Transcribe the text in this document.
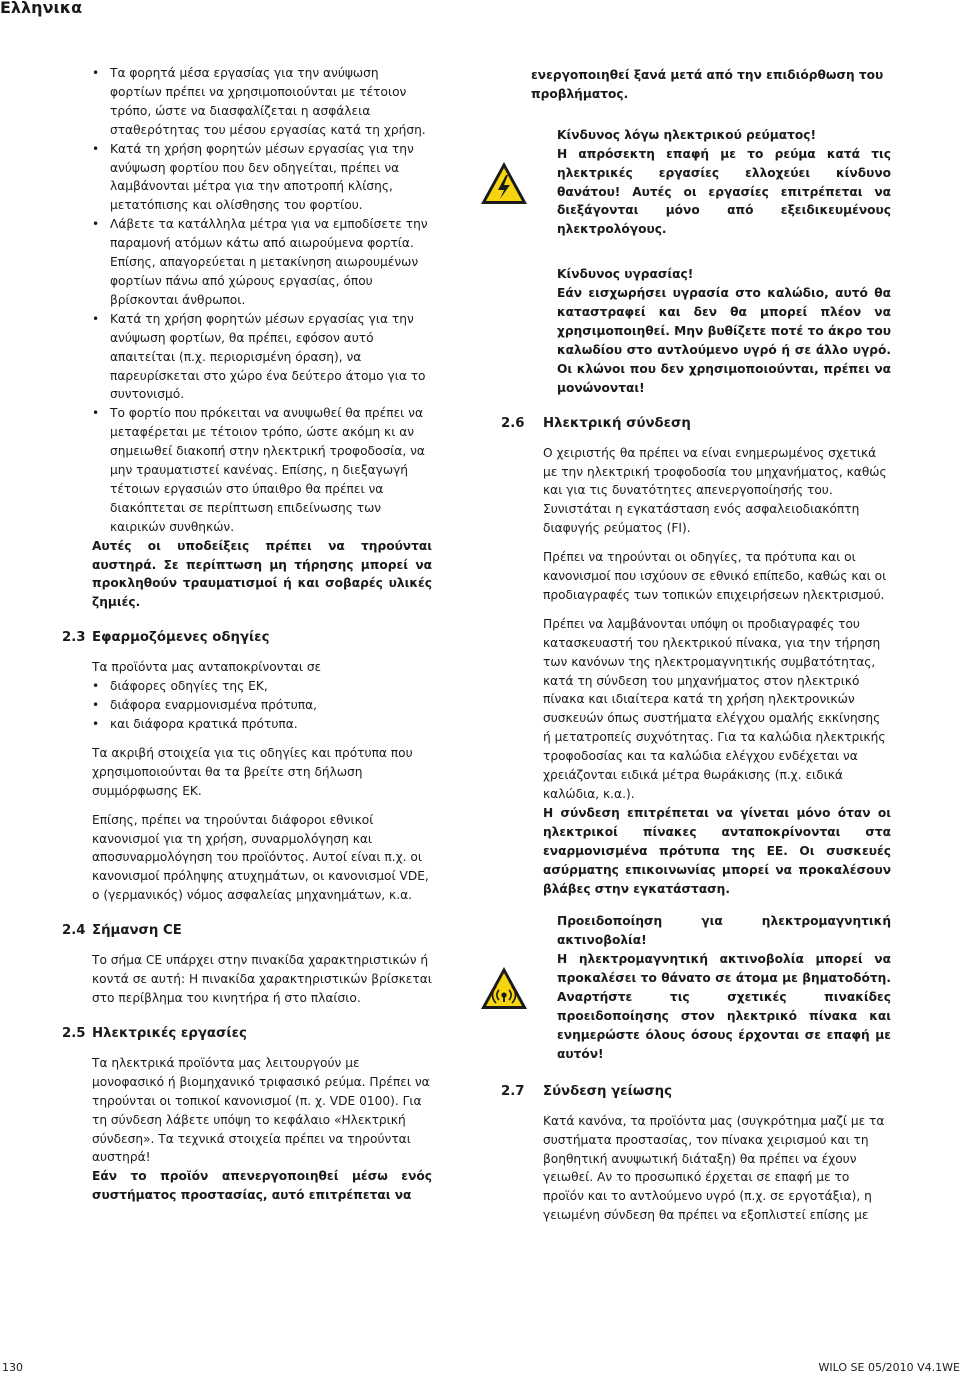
Ελληνικα
• Τα φορητά μέσα εργασίας για την ανύψωση φορτίων πρέπει να χρησιμοποιούνται με τέτοιον τρόπο, ώστε να διασφαλίζεται η ασφάλεια σταθερότητας του μέσου εργασίας κατά τη χρήση.
• Κατά τη χρήση φορητών μέσων εργασίας για την ανύψωση φορτίου που δεν οδηγείται, πρέπει να λαμβάνονται μέτρα για την αποτροπή κλίσης, μετατόπισης και ολίσθησης του φορτίου.
• Λάβετε τα κατάλληλα μέτρα για να εμποδίσετε την παραμονή ατόμων κάτω από αιωρούμενα φορτία. Επίσης, απαγορεύεται η μετακίνηση αιωρουμένων φορτίων πάνω από χώρους εργασίας, όπου βρίσκονται άνθρωποι.
• Κατά τη χρήση φορητών μέσων εργασίας για την ανύψωση φορτίων, θα πρέπει, εφόσον αυτό απαιτείται (π.χ. περιορισμένη όραση), να παρευρίσκεται στο χώρο ένα δεύτερο άτομο για το συντονισμό.
• Το φορτίο που πρόκειται να ανυψωθεί θα πρέπει να μεταφέρεται με τέτοιον τρόπο, ώστε ακόμη κι αν σημειωθεί διακοπή στην ηλεκτρική τροφοδοσία, να μην τραυματιστεί κανένας. Επίσης, η διεξαγωγή τέτοιων εργασιών στο ύπαιθρο θα πρέπει να διακόπτεται σε περίπτωση επιδείνωσης των καιρικών συνθηκών.

Αυτές οι υποδείξεις πρέπει να τηρούνται αυστηρά. Σε περίπτωση μη τήρησης μπορεί να προκληθούν τραυματισμοί ή και σοβαρές υλικές ζημιές.

2.3 Εφαρμοζόμενες οδηγίες

Τα προϊόντα μας ανταποκρίνονται σε

• διάφορες οδηγίες της ΕΚ,
• διάφορα εναρμονισμένα πρότυπα,
• και διάφορα κρατικά πρότυπα.

Τα ακριβή στοιχεία για τις οδηγίες και πρότυπα που χρησιμοποιούνται θα τα βρείτε στη δήλωση συμμόρφωσης ΕΚ.

Επίσης, πρέπει να τηρούνται διάφοροι εθνικοί κανονισμοί για τη χρήση, συναρμολόγηση και αποσυναρμολόγηση του προϊόντος. Αυτοί είναι π.χ. οι κανονισμοί πρόληψης ατυχημάτων, οι κανονισμοί VDE, ο (γερμανικός) νόμος ασφαλείας μηχανημάτων, κ.α.

2.4 Σήμανση CE

Το σήμα CE υπάρχει στην πινακίδα χαρακτηριστικών ή κοντά σε αυτή: Η πινακίδα χαρακτηριστικών βρίσκεται στο περίβλημα του κινητήρα ή στο πλαίσιο.

2.5 Ηλεκτρικές εργασίες

Τα ηλεκτρικά προϊόντα μας λειτουργούν με μονοφασικό ή βιομηχανικό τριφασικό ρεύμα. Πρέπει να τηρούνται οι τοπικοί κανονισμοί (π. χ. VDE 0100). Για τη σύνδεση λάβετε υπόψη το κεφάλαιο «Ηλεκτρική σύνδεση». Τα τεχνικά στοιχεία πρέπει να τηρούνται αυστηρά!

Εάν το προϊόν απενεργοποιηθεί μέσω ενός συστήματος προστασίας, αυτό επιτρέπεται να

ενεργοποιηθεί ξανά μετά από την επιδιόρθωση του προβλήματος.

Κίνδυνος λόγω ηλεκτρικού ρεύματος!

Η απρόσεκτη επαφή με το ρεύμα κατά τις ηλεκτρικές εργασίες ελλοχεύει κίνδυνο θανάτου! Αυτές οι εργασίες επιτρέπεται να διεξάγονται μόνο από εξειδικευμένους ηλεκτρολόγους.

Κίνδυνος υγρασίας!

Εάν εισχωρήσει υγρασία στο καλώδιο, αυτό θα καταστραφεί και δεν θα μπορεί πλέον να χρησιμοποιηθεί. Μην βυθίζετε ποτέ το άκρο του καλωδίου στο αντλούμενο υγρό ή σε άλλο υγρό. Οι κλώνοι που δεν χρησιμοποιούνται, πρέπει να μονώνονται!

2.6 Ηλεκτρική σύνδεση

Ο χειριστής θα πρέπει να είναι ενημερωμένος σχετικά με την ηλεκτρική τροφοδοσία του μηχανήματος, καθώς και για τις δυνατότητες απενεργοποίησής του. Συνιστάται η εγκατάσταση ενός ασφαλειοδιακόπτη διαφυγής ρεύματος (FI).

Πρέπει να τηρούνται οι οδηγίες, τα πρότυπα και οι κανονισμοί που ισχύουν σε εθνικό επίπεδο, καθώς και οι προδιαγραφές των τοπικών επιχειρήσεων ηλεκτρισμού.

Πρέπει να λαμβάνονται υπόψη οι προδιαγραφές του κατασκευαστή του ηλεκτρικού πίνακα, για την τήρηση των κανόνων της ηλεκτρομαγνητικής συμβατότητας, κατά τη σύνδεση του μηχανήματος στον ηλεκτρικό πίνακα και ιδιαίτερα κατά τη χρήση ηλεκτρονικών συσκευών όπως συστήματα ελέγχου ομαλής εκκίνησης ή μετατροπείς συχνότητας. Για τα καλώδια ηλεκτρικής τροφοδοσίας και τα καλώδια ελέγχου ενδέχεται να χρειάζονται ειδικά μέτρα θωράκισης (π.χ. ειδικά καλώδια, κ.α.).

Η σύνδεση επιτρέπεται να γίνεται μόνο όταν οι ηλεκτρικοί πίνακες ανταποκρίνονται στα εναρμονισμένα πρότυπα της ΕΕ. Οι συσκευές ασύρματης επικοινωνίας μπορεί να προκαλέσουν βλάβες στην εγκατάσταση.

Προειδοποίηση για ηλεκτρομαγνητική ακτινοβολία!

Η ηλεκτρομαγνητική ακτινοβολία μπορεί να προκαλέσει το θάνατο σε άτομα με βηματοδότη. Αναρτήστε τις σχετικές πινακίδες προειδοποίησης στον ηλεκτρικό πίνακα και ενημερώστε όλους όσους έρχονται σε επαφή με αυτόν!

2.7 Σύνδεση γείωσης

Κατά κανόνα, τα προϊόντα μας (συγκρότημα μαζί με τα συστήματα προστασίας, τον πίνακα χειρισμού και τη βοηθητική ανυψωτική διάταξη) θα πρέπει να έχουν γειωθεί. Αν το προσωπικό έρχεται σε επαφή με το προϊόν και το αντλούμενο υγρό (π.χ. σε εργοτάξια), η γειωμένη σύνδεση θα πρέπει να εξοπλιστεί επίσης με

130	WILO SE 05/2010 V4.1WE
